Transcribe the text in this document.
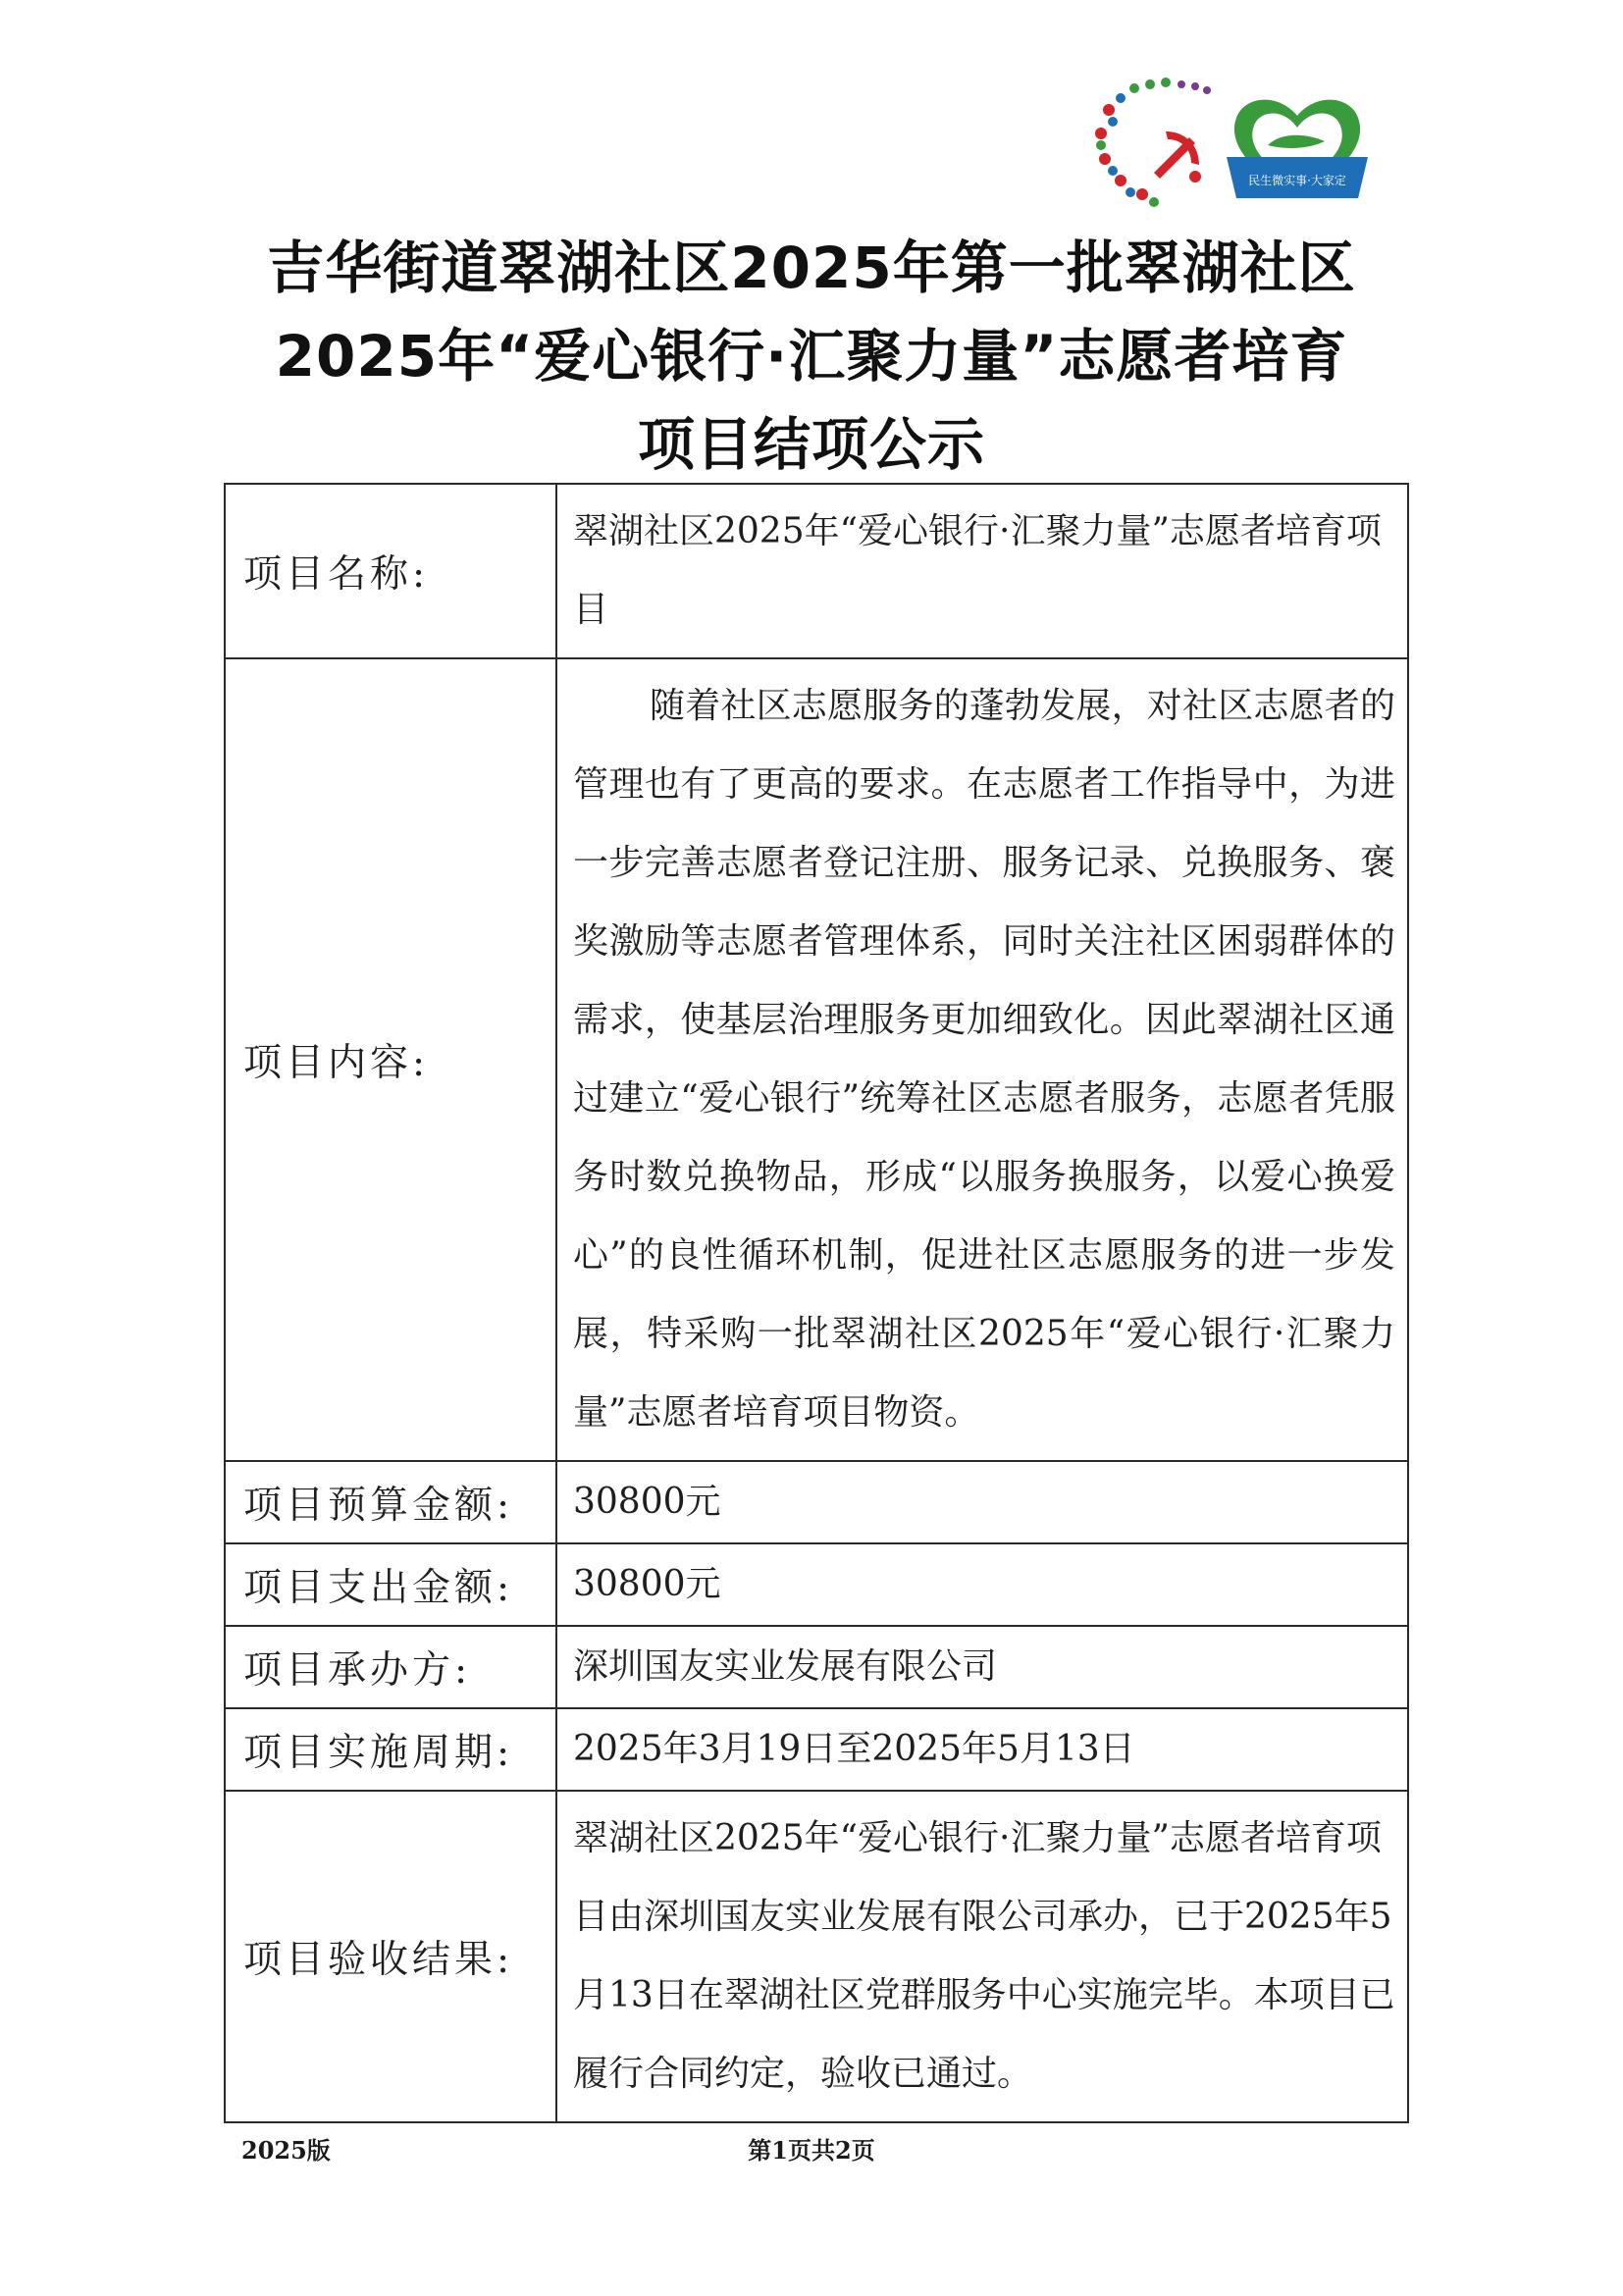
民生微实事·大家定
吉华街道翠湖社区2025年第一批翠湖社区
2025年“爱心银行·汇聚力量”志愿者培育
项目结项公示
项目名称:	翠湖社区2025年“爱心银行·汇聚力量”志愿者培育项目
项目内容:	随着社区志愿服务的蓬勃发展，对社区志愿者的管理也有了更高的要求。在志愿者工作指导中，为进一步完善志愿者登记注册、服务记录、兑换服务、褒奖激励等志愿者管理体系，同时关注社区困弱群体的需求，使基层治理服务更加细致化。因此翠湖社区通过建立“爱心银行”统筹社区志愿者服务，志愿者凭服务时数兑换物品，形成“以服务换服务，以爱心换爱心”的良性循环机制，促进社区志愿服务的进一步发展，特采购一批翠湖社区2025年“爱心银行·汇聚力量”志愿者培育项目物资。
项目预算金额:	30800元
项目支出金额:	30800元
项目承办方:	深圳国友实业发展有限公司
项目实施周期:	2025年3月19日至2025年5月13日
项目验收结果:	翠湖社区2025年“爱心银行·汇聚力量”志愿者培育项目由深圳国友实业发展有限公司承办，已于2025年5月13日在翠湖社区党群服务中心实施完毕。本项目已履行合同约定，验收已通过。
2025版	第1页共2页
